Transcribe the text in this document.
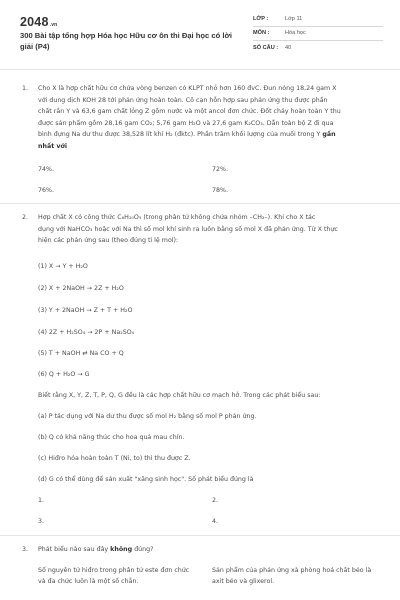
2048.vn
300 Bài tập tổng hợp Hóa học Hữu cơ ôn thi Đại học có lời giải (P4)
LỚP :	Lớp 11
MÔN :	Hóa học
SỐ CÂU : 40
1. Cho X là hợp chất hữu cơ chứa vòng benzen có KLPT nhỏ hơn 160 đvC. Đun nóng 18,24 gam X
với dung dịch KOH 28 tới phản ứng hoàn toàn. Cô cạn hỗn hợp sau phản ứng thu được phần
chất rắn Y và 63,6 gam chất lỏng Z gồm nước và một ancol đơn chức. Đốt cháy hoàn toàn Y thu
được sản phẩm gồm 28,16 gam CO₂; 5,76 gam H₂O và 27,6 gam K₂CO₃. Dẫn toàn bộ Z đi qua
bình đựng Na dư thu được 38,528 lít khí H₂ (đktc). Phần trăm khối lượng của muối trong Y gần
nhất với
74%.	72%.
76%.	78%.
2. Hợp chất X có công thức C₆H₁₀O₅ (trong phân tử không chứa nhóm –CH₂–). Khi cho X tác
dụng với NaHCO₃ hoặc với Na thì số mol khí sinh ra luôn bằng số mol X đã phản ứng. Từ X thực
hiện các phản ứng sau (theo đúng tỉ lệ mol):
(1) X → Y + H₂O
(2) X + 2NaOH → 2Z + H₂O
(3) Y + 2NaOH → Z + T + H₂O
(4) 2Z + H₂SO₄ → 2P + Na₂SO₄
(5) T + NaOH ⇄ Na CO + Q
(6) Q + H₂O → G
Biết rằng X, Y, Z, T, P, Q, G đều là các hợp chất hữu cơ mạch hở. Trong các phát biểu sau:
(a) P tác dụng với Na dư thu được số mol H₂ bằng số mol P phản ứng.
(b) Q có khả năng thúc cho hoa quả mau chín.
(c) Hiđro hóa hoàn toàn T (Ni, to) thì thu được Z.
(d) G có thể dùng để sản xuất "xăng sinh học". Số phát biểu đúng là
1.	2.
3.	4.
3. Phát biểu nào sau đây không đúng?
Số nguyên tử hiđro trong phân tử este đơn chức và đa chức luôn là một số chẵn.
Sản phẩm của phản ứng xà phòng hoá chất béo là axit béo và glixerol.
